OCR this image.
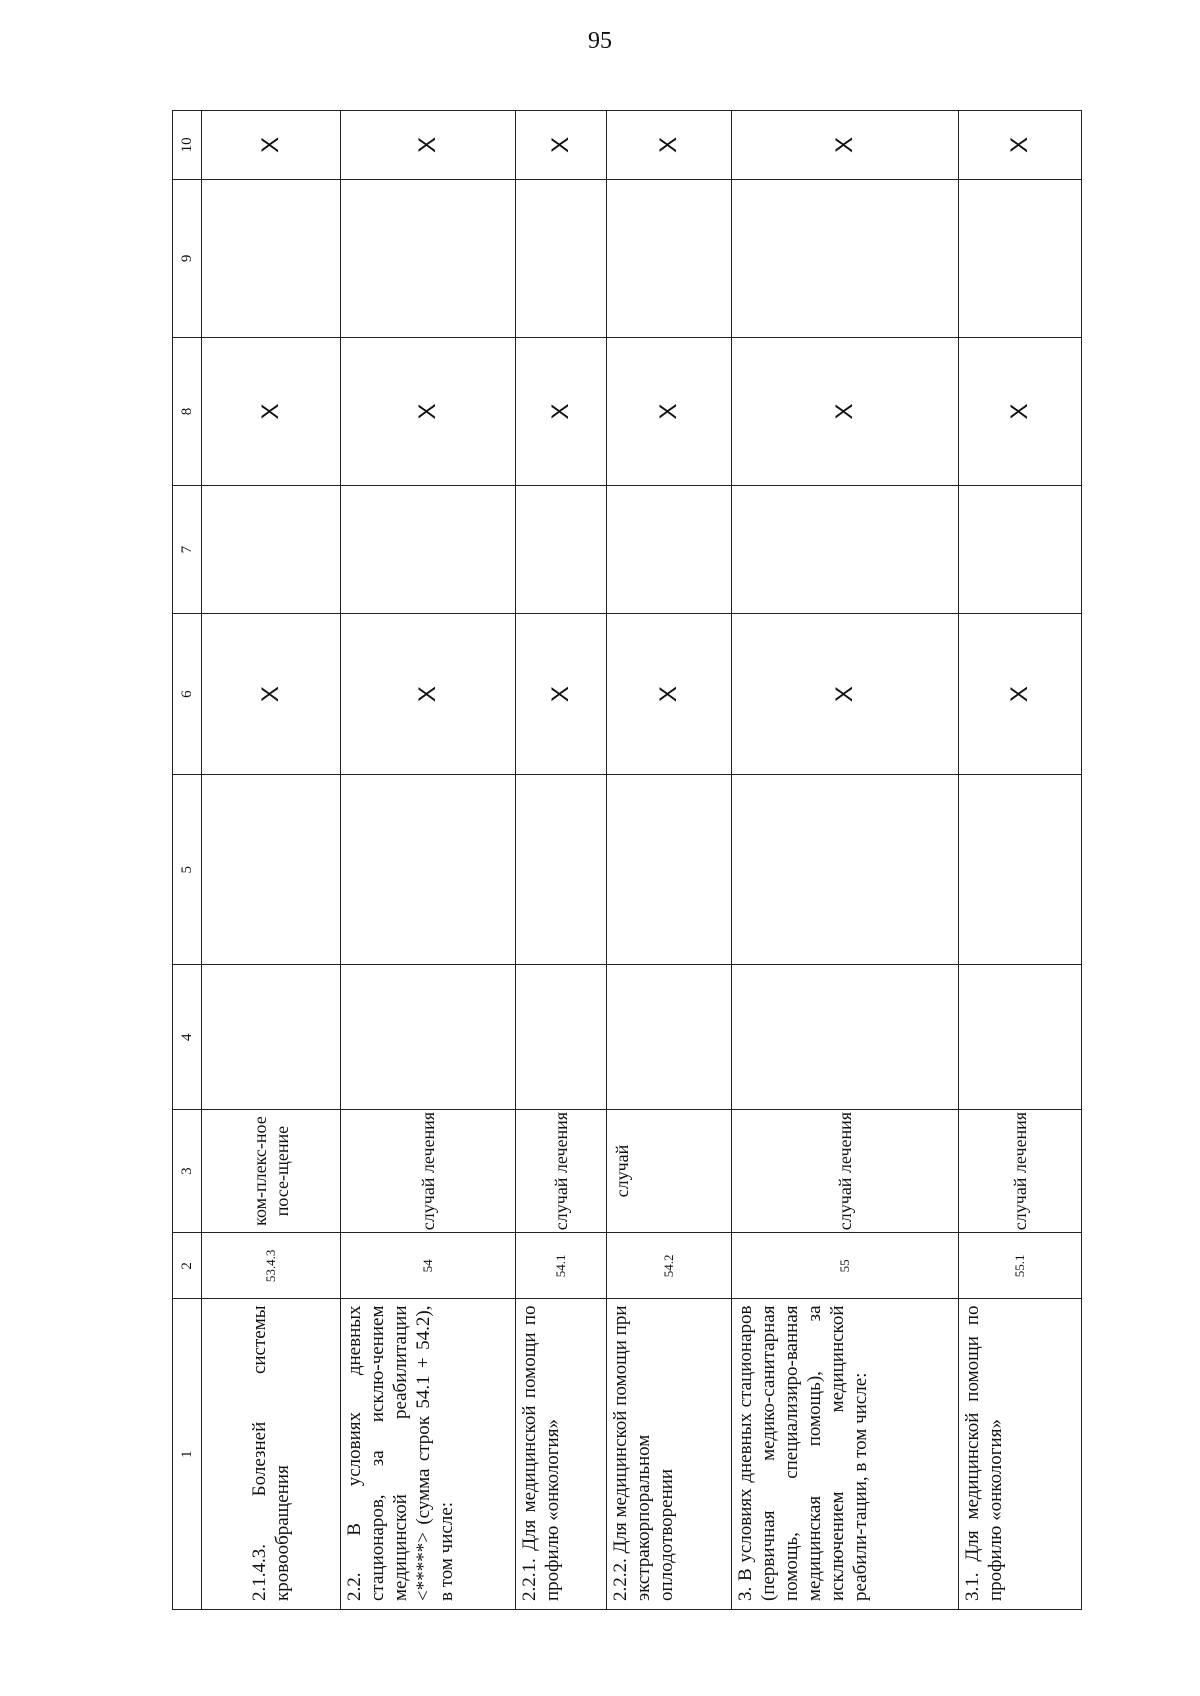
95
1	2	3	4	5	6	7	8	9	10
2.1.4.3. Болезней системы кровообращения	53.4.3	ком-плекс-ное посе-щение			Х		Х		Х
2.2. В условиях дневных стационаров, за исклю-чением медицинской реабилитации <*****> (сумма строк 54.1 + 54.2), в том числе:	54	случай лечения			Х		Х		Х
2.2.1. Для медицинской помощи по профилю «онкология»	54.1	случай лечения			Х		Х		Х
2.2.2. Для медицинской помощи при экстракорпоральном оплодотворении	54.2	случай			Х		Х		Х
3. В условиях дневных стационаров (первичная медико-санитарная помощь, специализиро-ванная медицинская помощь), за исключением медицинской реабили-тации, в том числе:	55	случай лечения			Х		Х		Х
3.1. Для медицинской помощи по профилю «онкология»	55.1	случай лечения			Х		Х		Х
